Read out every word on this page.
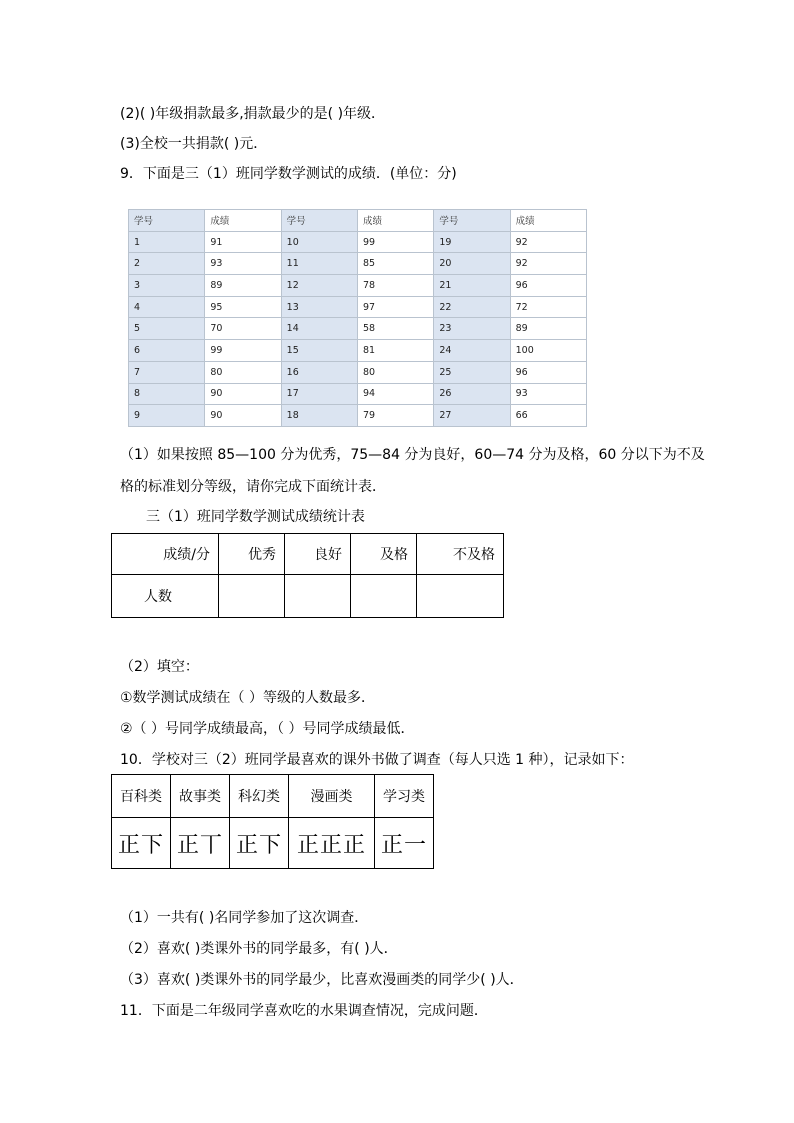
(2)( )年级捐款最多,捐款最少的是( )年级．
(3)全校一共捐款( )元．
9．下面是三（1）班同学数学测试的成绩．(单位：分)
学号	成绩	学号	成绩	学号	成绩
1	91	10	99	19	92
2	93	11	85	20	92
3	89	12	78	21	96
4	95	13	97	22	72
5	70	14	58	23	89
6	99	15	81	24	100
7	80	16	80	25	96
8	90	17	94	26	93
9	90	18	79	27	66
（1）如果按照 85—100 分为优秀，75—84 分为良好，60—74 分为及格，60 分以下为不及
格的标准划分等级，请你完成下面统计表．
三（1）班同学数学测试成绩统计表
成绩/分	优秀	良好	及格	不及格
人数				
（2）填空：
①数学测试成绩在（ ）等级的人数最多．
②（ ）号同学成绩最高，（ ）号同学成绩最低．
10．学校对三（2）班同学最喜欢的课外书做了调查（每人只选 1 种），记录如下：
百科类	故事类	科幻类	漫画类	学习类
正下	正丅	正下	正正正	正一
（1）一共有( )名同学参加了这次调查．
（2）喜欢( )类课外书的同学最多，有( )人．
（3）喜欢( )类课外书的同学最少，比喜欢漫画类的同学少( )人．
11．下面是二年级同学喜欢吃的水果调查情况，完成问题．
